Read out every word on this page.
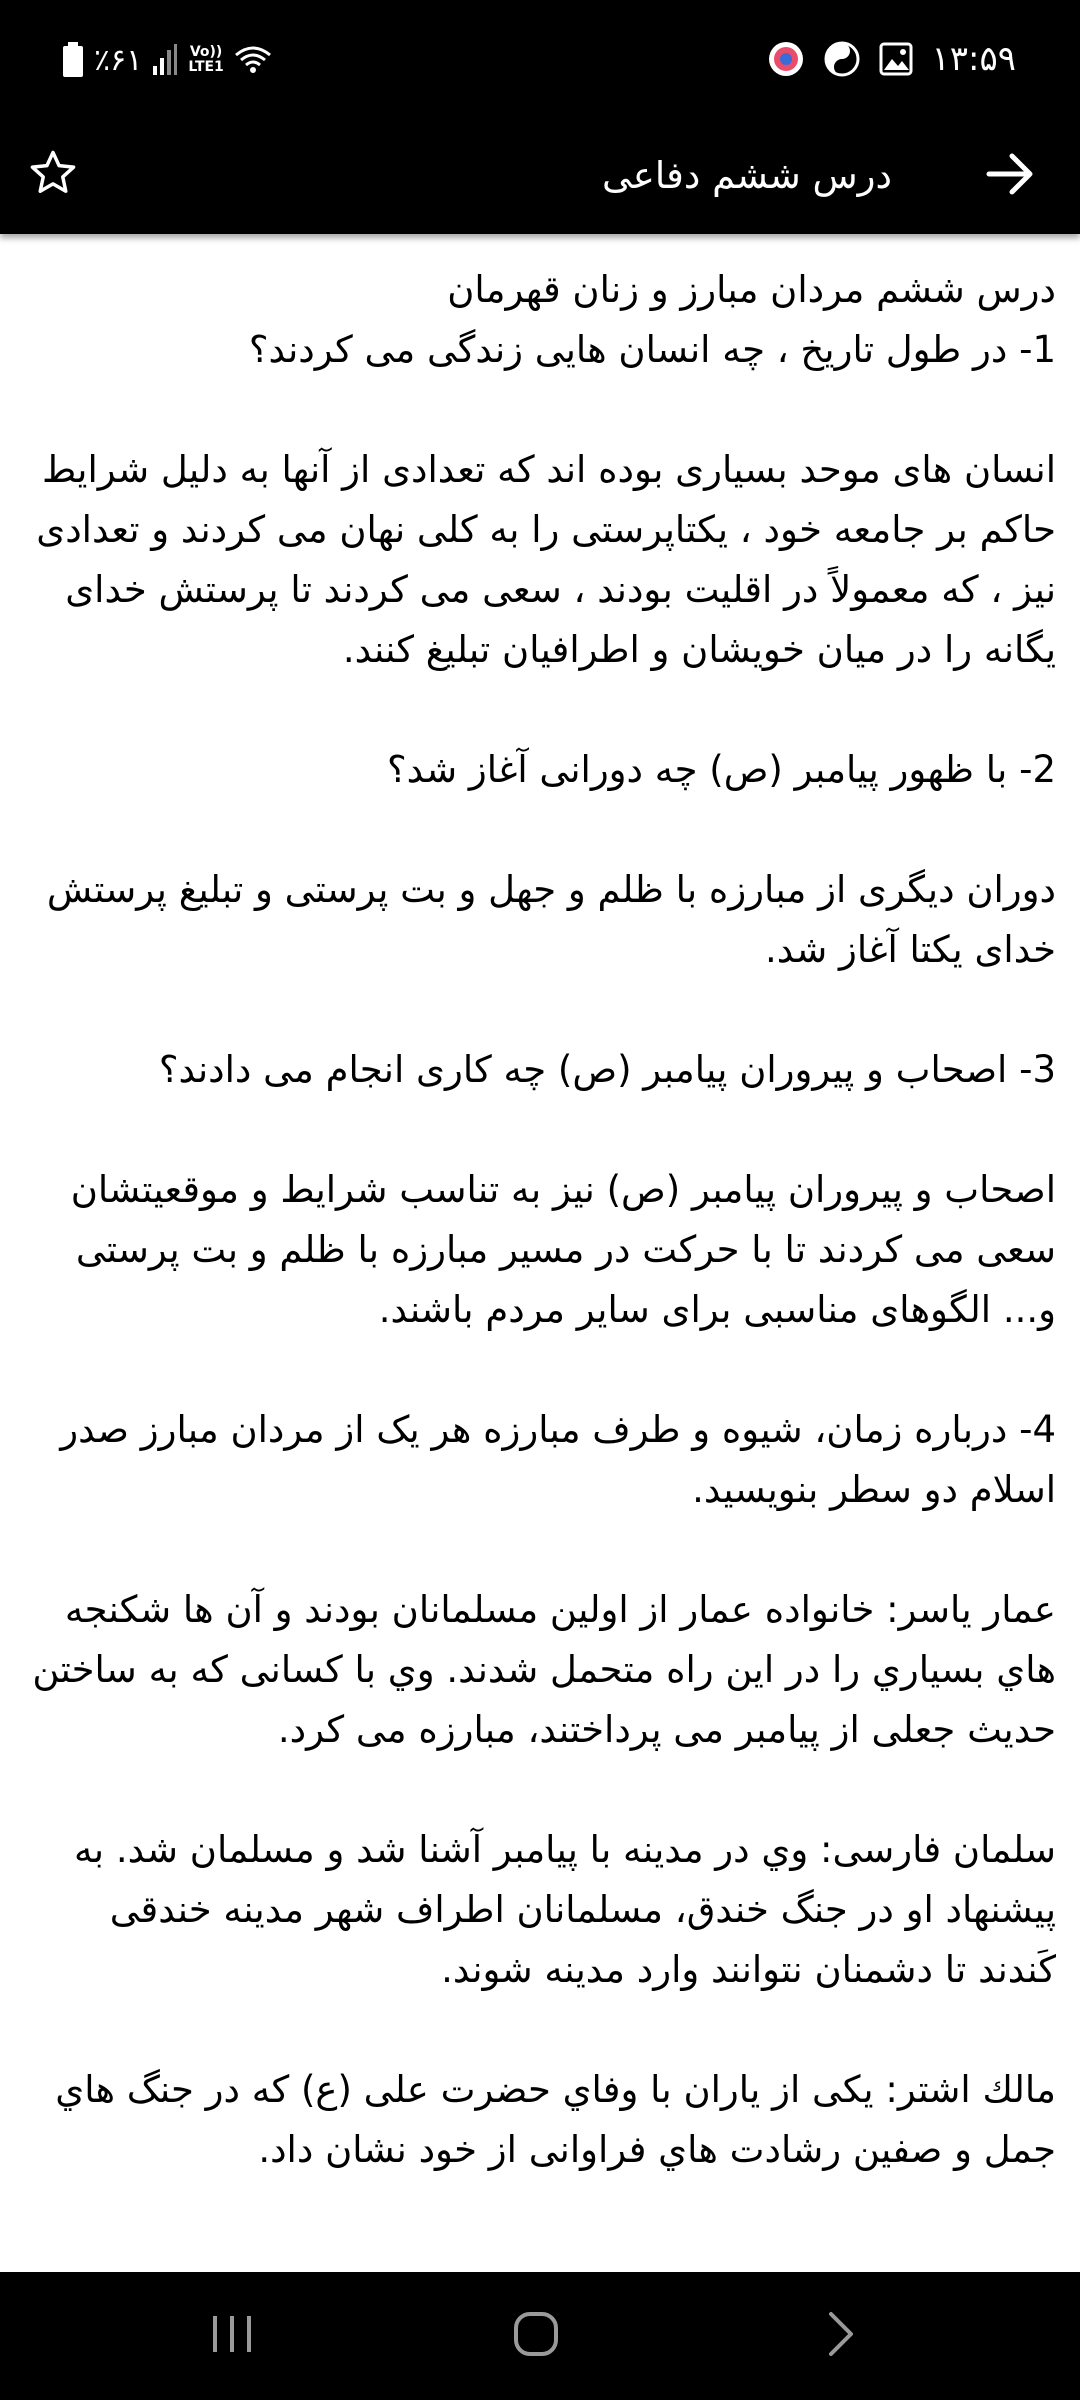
٪۶۱	Vo))
LTE1	۱۳:۵۹
درس ششم دفاعی

درس ششم مردان مبارز و زنان قهرمان

1- در طول تاریخ ، چه انسان هایی زندگی می کردند؟

انسان های موحد بسیاری بوده اند که تعدادی از آنها به دلیل شرایط حاکم بر جامعه خود ، یکتاپرستی را به کلی نهان می کردند و تعدادی نیز ، که معمولاً در اقلیت بودند ، سعی می کردند تا پرستش خدای یگانه را در میان خویشان و اطرافیان تبلیغ کنند.

2- با ظهور پیامبر (ص) چه دورانی آغاز شد؟

دوران دیگری از مبارزه با ظلم و جهل و بت پرستی و تبلیغ پرستش خدای یکتا آغاز شد.

3- اصحاب و پیروران پیامبر (ص) چه کاری انجام می دادند؟

اصحاب و پیروران پیامبر (ص) نیز به تناسب شرایط و موقعیتشان سعی می کردند تا با حرکت در مسیر مبارزه با ظلم و بت پرستی و... الگوهای مناسبی برای سایر مردم باشند.

4- درباره زمان، شیوه و طرف مبارزه هر یک از مردان مبارز صدر اسلام دو سطر بنویسید.

عمار ياسر: خانواده عمار از اولین مسلمانان بودند و آن ها شكنجه هاي بسياري را در اين راه متحمل شدند. وي با كسانی كه به ساختن حديث جعلی از پيامبر می پرداختند، مبارزه می كرد.

سلمان فارسی: وي در مدينه با پيامبر آشنا شد و مسلمان شد. به پيشنهاد او در جنگ خندق، مسلمانان اطراف شهر مدينه خندقی كَندند تا دشمنان نتوانند وارد مدينه شوند.

مالك اشتر: يكی از ياران با وفاي حضرت علی (ع) كه در جنگ هاي جمل و صفين رشادت هاي فراوانی از خود نشان داد.
